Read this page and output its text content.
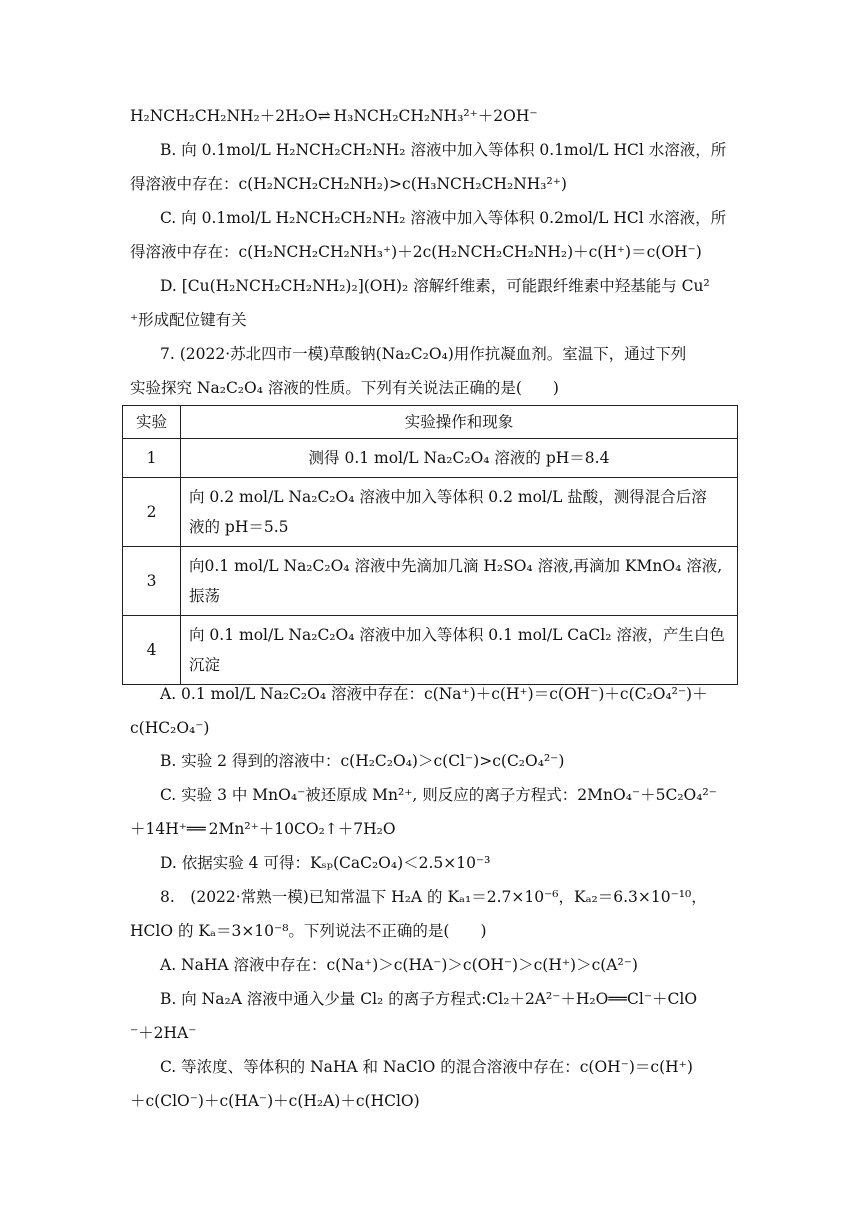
H₂NCH₂CH₂NH₂＋2H₂O⇌ H₃NCH₂CH₂NH₃²⁺＋2OH⁻
B. 向 0.1mol/L H₂NCH₂CH₂NH₂ 溶液中加入等体积 0.1mol/L HCl 水溶液，所
得溶液中存在：c(H₂NCH₂CH₂NH₂)>c(H₃NCH₂CH₂NH₃²⁺)
C. 向 0.1mol/L H₂NCH₂CH₂NH₂ 溶液中加入等体积 0.2mol/L HCl 水溶液，所
得溶液中存在：c(H₂NCH₂CH₂NH₃⁺)＋2c(H₂NCH₂CH₂NH₂)＋c(H⁺)＝c(OH⁻)
D. [Cu(H₂NCH₂CH₂NH₂)₂](OH)₂ 溶解纤维素，可能跟纤维素中羟基能与 Cu²
⁺形成配位键有关
7. (2022·苏北四市一模)草酸钠(Na₂C₂O₄)用作抗凝血剂。室温下，通过下列
实验探究 Na₂C₂O₄ 溶液的性质。下列有关说法正确的是(　　)
实验	实验操作和现象
1	测得 0.1 mol/L Na₂C₂O₄ 溶液的 pH＝8.4
2	向 0.2 mol/L Na₂C₂O₄ 溶液中加入等体积 0.2 mol/L 盐酸，测得混合后溶
液的 pH＝5.5
3	向0.1 mol/L Na₂C₂O₄ 溶液中先滴加几滴 H₂SO₄ 溶液,再滴加 KMnO₄ 溶液,
振荡
4	向 0.1 mol/L Na₂C₂O₄ 溶液中加入等体积 0.1 mol/L CaCl₂ 溶液，产生白色
沉淀
A. 0.1 mol/L Na₂C₂O₄ 溶液中存在：c(Na⁺)＋c(H⁺)＝c(OH⁻)＋c(C₂O₄²⁻)＋
c(HC₂O₄⁻)
B. 实验 2 得到的溶液中：c(H₂C₂O₄)＞c(Cl⁻)>c(C₂O₄²⁻)
C. 实验 3 中 MnO₄⁻被还原成 Mn²⁺, 则反应的离子方程式：2MnO₄⁻＋5C₂O₄²⁻
＋14H⁺══ 2Mn²⁺＋10CO₂↑＋7H₂O
D. 依据实验 4 可得：Kₛₚ(CaC₂O₄)＜2.5×10⁻³
8.　(2022·常熟一模)已知常温下 H₂A 的 Kₐ₁＝2.7×10⁻⁶，Kₐ₂＝6.3×10⁻¹⁰，
HClO 的 Kₐ＝3×10⁻⁸。下列说法不正确的是(　　)
A. NaHA 溶液中存在：c(Na⁺)＞c(HA⁻)＞c(OH⁻)＞c(H⁺)＞c(A²⁻)
B. 向 Na₂A 溶液中通入少量 Cl₂ 的离子方程式:Cl₂＋2A²⁻＋H₂O══Cl⁻＋ClO
⁻＋2HA⁻
C. 等浓度、等体积的 NaHA 和 NaClO 的混合溶液中存在：c(OH⁻)＝c(H⁺)
＋c(ClO⁻)＋c(HA⁻)＋c(H₂A)＋c(HClO)
